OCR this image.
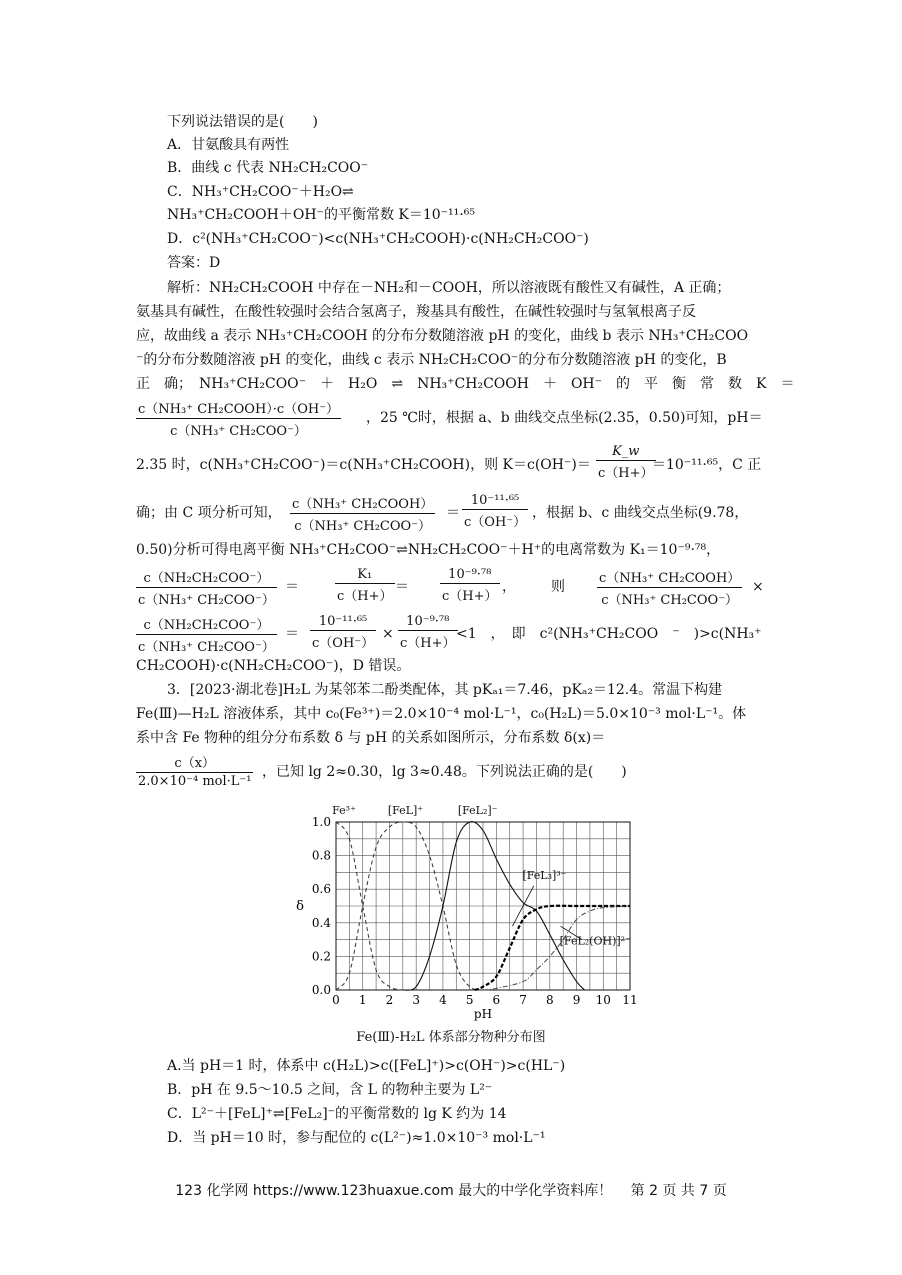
下列说法错误的是(　　)
A．甘氨酸具有两性
B．曲线 c 代表 NH₂CH₂COO⁻
C．NH₃⁺CH₂COO⁻＋H₂O⇌
NH₃⁺CH₂COOH＋OH⁻的平衡常数 K＝10⁻¹¹·⁶⁵
D．c²(NH₃⁺CH₂COO⁻)<c(NH₃⁺CH₂COOH)·c(NH₂CH₂COO⁻)
答案：D
解析：NH₂CH₂COOH 中存在－NH₂和－COOH，所以溶液既有酸性又有碱性，A 正确；
氨基具有碱性，在酸性较强时会结合氢离子，羧基具有酸性，在碱性较强时与氢氧根离子反
应，故曲线 a 表示 NH₃⁺CH₂COOH 的分布分数随溶液 pH 的变化，曲线 b 表示 NH₃⁺CH₂COO
⁻的分布分数随溶液 pH 的变化，曲线 c 表示 NH₂CH₂COO⁻的分布分数随溶液 pH 的变化，B
正　确；　NH₃⁺CH₂COO⁻　＋　H₂O　⇌　NH₃⁺CH₂COOH　＋　OH⁻　的　平　衡　常　数　K　＝
c（NH₃⁺ CH₂COOH）·c（OH⁻）
c（NH₃⁺ CH₂COO⁻）
，25 ℃时，根据 a、b 曲线交点坐标(2.35，0.50)可知，pH＝
2.35 时，c(NH₃⁺CH₂COO⁻)＝c(NH₃⁺CH₂COOH)，则 $K=c(OH^-)= \frac{K\_w}{c(H+)}$
＝10⁻¹¹·⁶⁵，C 正
确；由 C 项分析可知，
c（NH₃⁺ CH₂COOH）
c（NH₃⁺ CH₂COO⁻）
＝ $\frac{\text{10⁻¹¹·⁶⁵}}{c(OH^-)}$ ，根据 b、c 曲线交点坐标(9.78，
0.50)分析可得电离平衡 NH₃⁺CH₂COO⁻⇌NH₂CH₂COO⁻＋H⁺的电离常数为 K₁＝10⁻⁹·⁷⁸，
c（NH₂CH₂COO⁻）
c（NH₃⁺ CH₂COO⁻）
＝	$\frac{\text{K₁}}{c(H+)} = \frac{\text{10⁻⁹·⁷⁸}}{c(H+)}$ ，　　　则
c（NH₃⁺ CH₂COOH）
c（NH₃⁺ CH₂COO⁻）
×
c（NH₂CH₂COO⁻）
c（NH₃⁺ CH₂COO⁻）
＝ $\frac{\text{10⁻¹¹·⁶⁵}}{c(OH^-)} \times \frac{\text{10⁻⁹·⁷⁸}}{c(H+)}$
<1　，　即　c²(NH₃⁺CH₂COO　⁻　)>c(NH₃⁺
CH₂COOH)·c(NH₂CH₂COO⁻)，D 错误。
3．[2023·湖北卷]H₂L 为某邻苯二酚类配体，其 pKₐ₁＝7.46，pKₐ₂＝12.4。常温下构建
Fe(Ⅲ)—H₂L 溶液体系，其中 c₀(Fe³⁺)＝2.0×10⁻⁴ mol·L⁻¹，c₀(H₂L)＝5.0×10⁻³ mol·L⁻¹。体
系中含 Fe 物种的组分分布系数 δ 与 pH 的关系如图所示，分布系数 δ(x)＝
c（x）
2.0×10⁻⁴ mol·L⁻¹
，已知 lg 2≈0.30，lg 3≈0.48。下列说法正确的是(　　)
0 1 2 3 4 5 6 7 8 9 10 11
0.0
0.2
0.4
0.6
0.8
1.0
pH
δ
Fe³⁺	[FeL]⁺	[FeL₂]⁻
[FeL₃]³⁻
[FeL₂(OH)]²⁻
Fe(Ⅲ)-H₂L 体系部分物种分布图
A.当 pH＝1 时，体系中 c(H₂L)>c([FeL]⁺)>c(OH⁻)>c(HL⁻)
B．pH 在 9.5～10.5 之间，含 L 的物种主要为 L²⁻
C．L²⁻＋[FeL]⁺⇌[FeL₂]⁻的平衡常数的 lg K 约为 14
D．当 pH＝10 时，参与配位的 c(L²⁻)≈1.0×10⁻³ mol·L⁻¹
123 化学网 https://www.123huaxue.com 最大的中学化学资料库！　 第 2 页 共 7 页
